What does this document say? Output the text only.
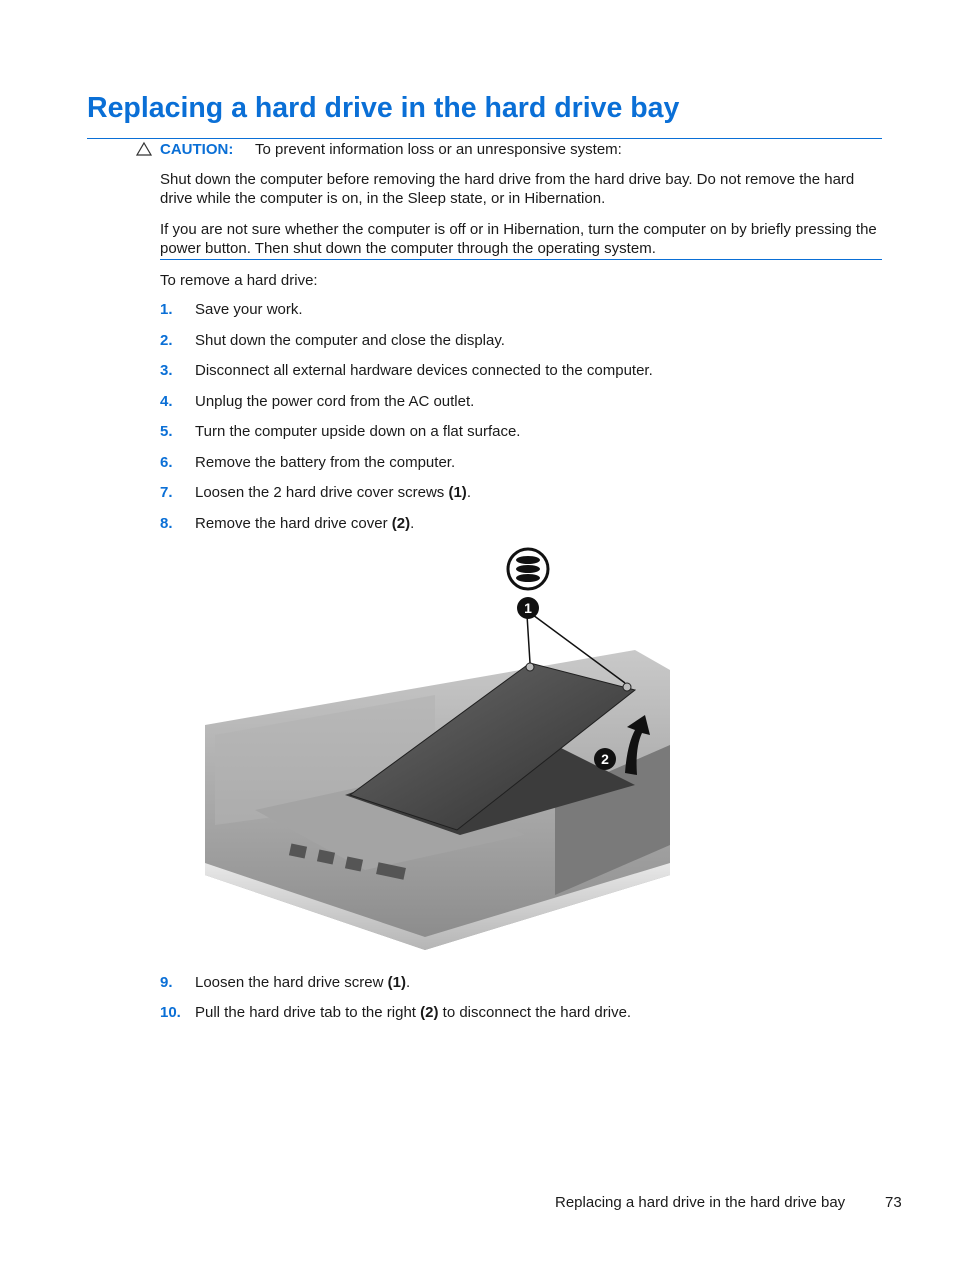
Replacing a hard drive in the hard drive bay
CAUTION: To prevent information loss or an unresponsive system:
Shut down the computer before removing the hard drive from the hard drive bay. Do not remove the hard drive while the computer is on, in the Sleep state, or in Hibernation.
If you are not sure whether the computer is off or in Hibernation, turn the computer on by briefly pressing the power button. Then shut down the computer through the operating system.
To remove a hard drive:
1. Save your work.
2. Shut down the computer and close the display.
3. Disconnect all external hardware devices connected to the computer.
4. Unplug the power cord from the AC outlet.
5. Turn the computer upside down on a flat surface.
6. Remove the battery from the computer.
7. Loosen the 2 hard drive cover screws (1).
8. Remove the hard drive cover (2).
1
2
9. Loosen the hard drive screw (1).
10. Pull the hard drive tab to the right (2) to disconnect the hard drive.
Replacing a hard drive in the hard drive bay	73
